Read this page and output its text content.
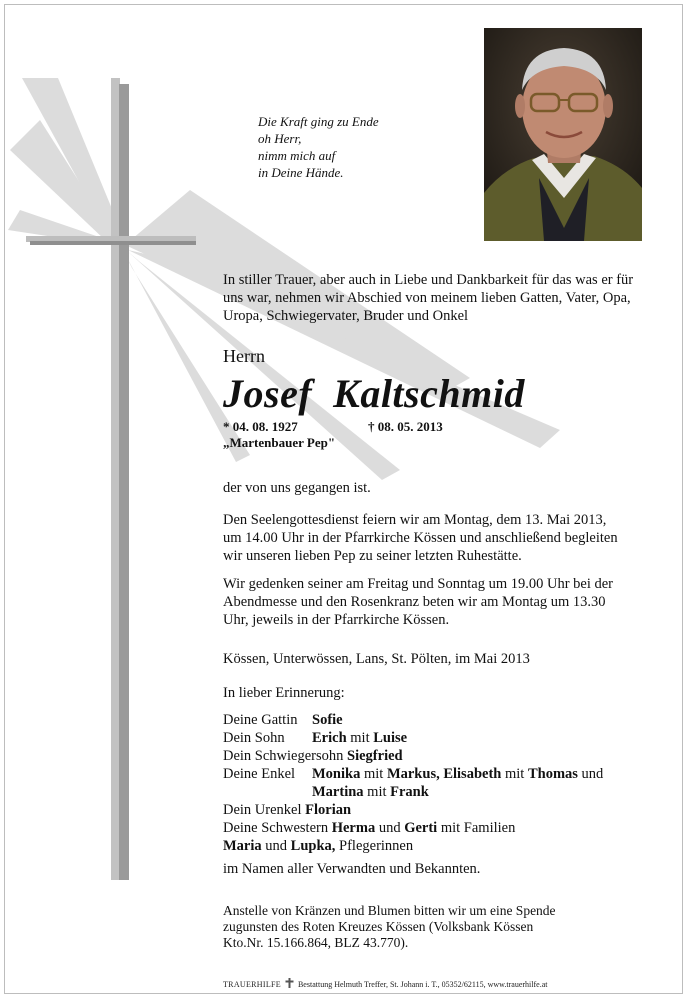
Die Kraft ging zu Ende
oh Herr,
nimm mich auf
in Deine Hände.
In stiller Trauer, aber auch in Liebe und Dankbarkeit für das was er für
uns war, nehmen wir Abschied von meinem lieben Gatten, Vater, Opa,
Uropa, Schwiegervater, Bruder und Onkel
Herrn
Josef  Kaltschmid
* 04. 08. 1927	† 08. 05. 2013
„Martenbauer Pep"
der von uns gegangen ist.
Den Seelengottesdienst feiern wir am Montag, dem 13. Mai 2013,
um 14.00 Uhr in der Pfarrkirche Kössen und anschließend begleiten
wir unseren lieben Pep zu seiner letzten Ruhestätte.
Wir gedenken seiner am Freitag und Sonntag um 19.00 Uhr bei der
Abendmesse und den Rosenkranz beten wir am Montag um 13.30
Uhr, jeweils in der Pfarrkirche Kössen.
Kössen, Unterwössen, Lans, St. Pölten, im Mai 2013
In lieber Erinnerung:
Deine Gattin Sofie
Dein Sohn Erich mit Luise
Dein Schwiegersohn Siegfried
Deine Enkel Monika mit Markus, Elisabeth mit Thomas und
Martina mit Frank
Dein Urenkel Florian
Deine Schwestern Herma und Gerti mit Familien
Maria und Lupka, Pflegerinnen
im Namen aller Verwandten und Bekannten.
Anstelle von Kränzen und Blumen bitten wir um eine Spende
zugunsten des Roten Kreuzes Kössen (Volksbank Kössen
Kto.Nr. 15.166.864, BLZ 43.770).
TRAUERHILFE Bestattung Helmuth Treffer, St. Johann i. T., 05352/62115, www.trauerhilfe.at
